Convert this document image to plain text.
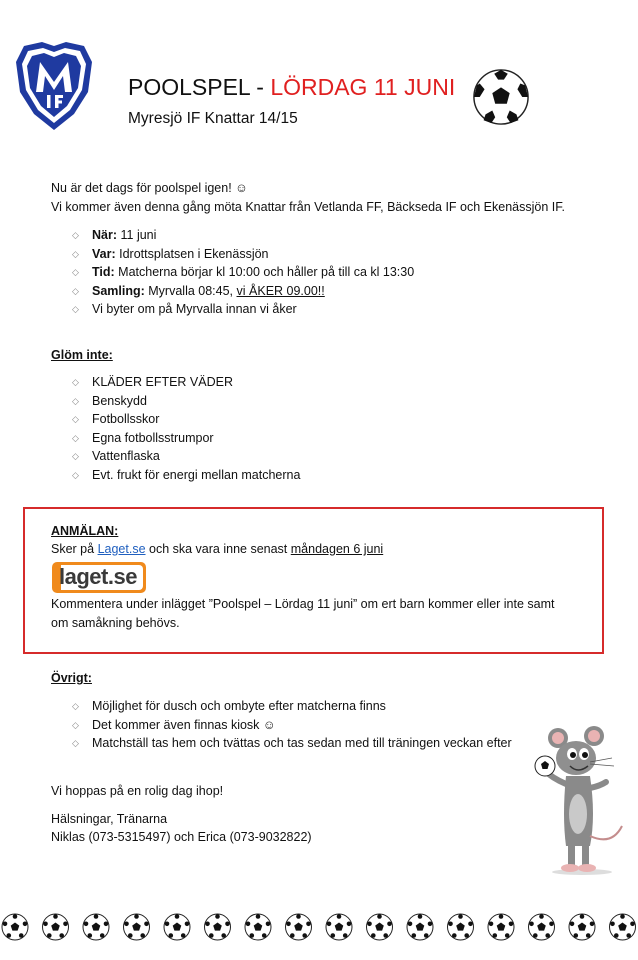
POOLSPEL - LÖRDAG 11 JUNI
Myresjö IF Knattar 14/15
Nu är det dags för poolspel igen! ☺
Vi kommer även denna gång möta Knattar från Vetlanda FF, Bäckseda IF och Ekenässjön IF.
◇ När: 11 juni
◇ Var: Idrottsplatsen i Ekenässjön
◇ Tid: Matcherna börjar kl 10:00 och håller på till ca kl 13:30
◇ Samling: Myrvalla 08:45, vi ÅKER 09.00!!
◇ Vi byter om på Myrvalla innan vi åker
Glöm inte:
◇ KLÄDER EFTER VÄDER
◇ Benskydd
◇ Fotbollsskor
◇ Egna fotbollsstrumpor
◇ Vattenflaska
◇ Evt. frukt för energi mellan matcherna
ANMÄLAN:
Sker på Laget.se och ska vara inne senast måndagen 6 juni
laget.se
Kommentera under inlägget ”Poolspel – Lördag 11 juni” om ert barn kommer eller inte samt
om samåkning behövs.
Övrigt:
◇ Möjlighet för dusch och ombyte efter matcherna finns
◇ Det kommer även finnas kiosk ☺
◇ Matchställ tas hem och tvättas och tas sedan med till träningen veckan efter
Vi hoppas på en rolig dag ihop!
Hälsningar, Tränarna
Niklas (073-5315497) och Erica (073-9032822)
